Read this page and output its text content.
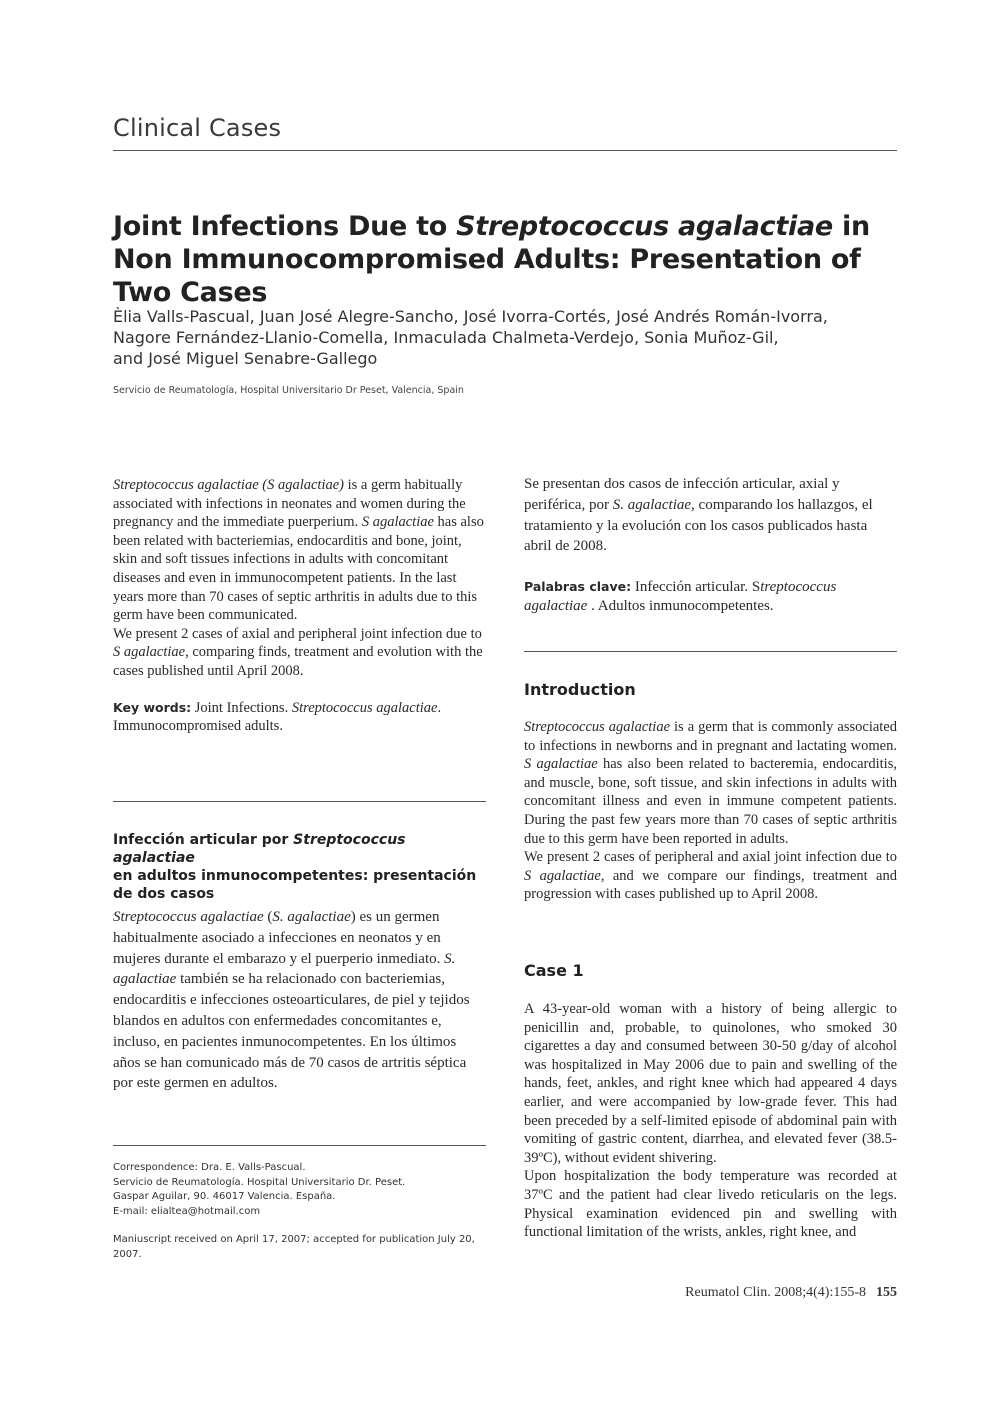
Clinical Cases
Joint Infections Due to Streptococcus agalactiae in Non Immunocompromised Adults: Presentation of Two Cases
Èlia Valls-Pascual, Juan José Alegre-Sancho, José Ivorra-Cortés, José Andrés Román-Ivorra,
Nagore Fernández-Llanio-Comella, Inmaculada Chalmeta-Verdejo, Sonia Muñoz-Gil,
and José Miguel Senabre-Gallego
Servicio de Reumatología, Hospital Universitario Dr Peset, Valencia, Spain

Streptococcus agalactiae (S agalactiae) is a germ habitually associated with infections in neonates and women during the pregnancy and the immediate puerperium. S agalactiae has also been related with bacteriemias, endocarditis and bone, joint, skin and soft tissues infections in adults with concomitant diseases and even in immunocompetent patients. In the last years more than 70 cases of septic arthritis in adults due to this germ have been communicated.

We present 2 cases of axial and peripheral joint infection due to S agalactiae, comparing finds, treatment and evolution with the cases published until April 2008.

Key words: Joint Infections. Streptococcus agalactiae. Immunocompromised adults.

Infección articular por Streptococcus agalactiae
en adultos inmunocompetentes: presentación
de dos casos

Streptococcus agalactiae (S. agalactiae) es un germen habitualmente asociado a infecciones en neonatos y en mujeres durante el embarazo y el puerperio inmediato. S. agalactiae también se ha relacionado con bacteriemias, endocarditis e infecciones osteoarticulares, de piel y tejidos blandos en adultos con enfermedades concomitantes e, incluso, en pacientes inmunocompetentes. En los últimos años se han comunicado más de 70 casos de artritis séptica por este germen en adultos.

Correspondence: Dra. E. Valls-Pascual.
Servicio de Reumatología. Hospital Universitario Dr. Peset.
Gaspar Aguilar, 90. 46017 Valencia. España.
E-mail: elialtea@hotmail.com
Maniuscript received on April 17, 2007; accepted for publication July 20, 2007.

Se presentan dos casos de infección articular, axial y periférica, por S. agalactiae, comparando los hallazgos, el tratamiento y la evolución con los casos publicados hasta abril de 2008.

Palabras clave: Infección articular. Streptococcus agalactiae . Adultos inmunocompetentes.

Introduction

Streptococcus agalactiae is a germ that is commonly associated to infections in newborns and in pregnant and lactating women. S agalactiae has also been related to bacteremia, endocarditis, and muscle, bone, soft tissue, and skin infections in adults with concomitant illness and even in immune competent patients. During the past few years more than 70 cases of septic arthritis due to this germ have been reported in adults.

We present 2 cases of peripheral and axial joint infection due to S agalactiae, and we compare our findings, treatment and progression with cases published up to April 2008.

Case 1

A 43-year-old woman with a history of being allergic to penicillin and, probable, to quinolones, who smoked 30 cigarettes a day and consumed between 30-50 g/day of alcohol was hospitalized in May 2006 due to pain and swelling of the hands, feet, ankles, and right knee which had appeared 4 days earlier, and were accompanied by low-grade fever. This had been preceded by a self-limited episode of abdominal pain with vomiting of gastric content, diarrhea, and elevated fever (38.5-39ºC), without evident shivering.

Upon hospitalization the body temperature was recorded at 37ºC and the patient had clear livedo reticularis on the legs. Physical examination evidenced pin and swelling with functional limitation of the wrists, ankles, right knee, and

Reumatol Clin. 2008;4(4):155-8 155
